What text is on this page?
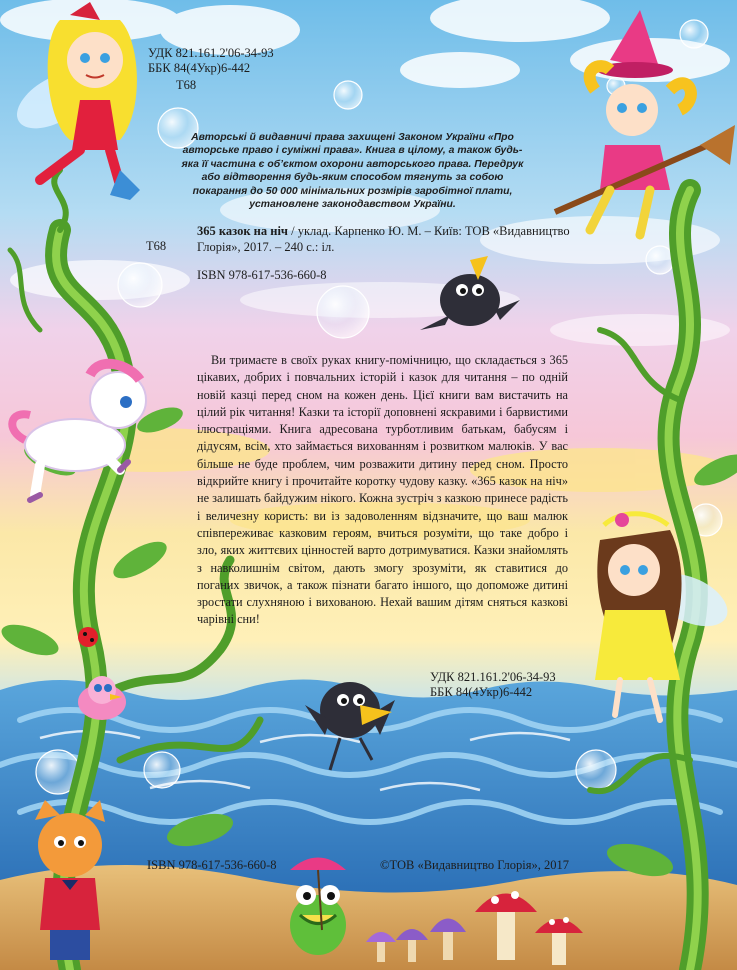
УДК 821.161.2'06-34-93
ББК 84(4Укр)6-442
Т68
Авторські й видавничі права захищені Законом України «Про авторське право і суміжні права». Книга в цілому, а також будь-яка її частина є об’єктом охорони авторського права. Передрук або відтворення будь-яким способом тягнуть за собою покарання до 50 000 мінімальних розмірів заробітної плати, установлене законодавством України.
Т68
365 казок на ніч / уклад. Карпенко Ю. М. – Київ: ТОВ «Видавництво Глорія», 2017. – 240 с.: іл.
ISBN 978-617-536-660-8
Ви тримаєте в своїх руках книгу-помічницю, що складається з 365 цікавих, добрих і повчальних історій і казок для читання – по одній новій казці перед сном на кожен день. Цієї книги вам вистачить на цілий рік читання! Казки та історії доповнені яскравими і барвистими ілюстраціями. Книга адресована турботливим батькам, бабусям і дідусям, всім, хто займається вихованням і розвитком малюків. У вас більше не буде проблем, чим розважити дитину перед сном. Просто відкрийте книгу і прочитайте коротку чудову казку. «365 казок на ніч» не залишать байдужим нікого. Кожна зустріч з казкою принесе радість і величезну користь: ви із задоволенням відзначите, що ваш малюк співпереживає казковим героям, вчиться розуміти, що таке добро і зло, яких життєвих цінностей варто дотримуватися. Казки знайомлять з навколишнім світом, дають змогу зрозуміти, як ставитися до поганих звичок, а також пізнати багато іншого, що допоможе дитині зростати слухняною і вихованою. Нехай вашим дітям сняться казкові чарівні сни!
УДК 821.161.2'06-34-93
ББК 84(4Укр)6-442
ISBN 978-617-536-660-8	©ТОВ «Видавництво Глорія», 2017
